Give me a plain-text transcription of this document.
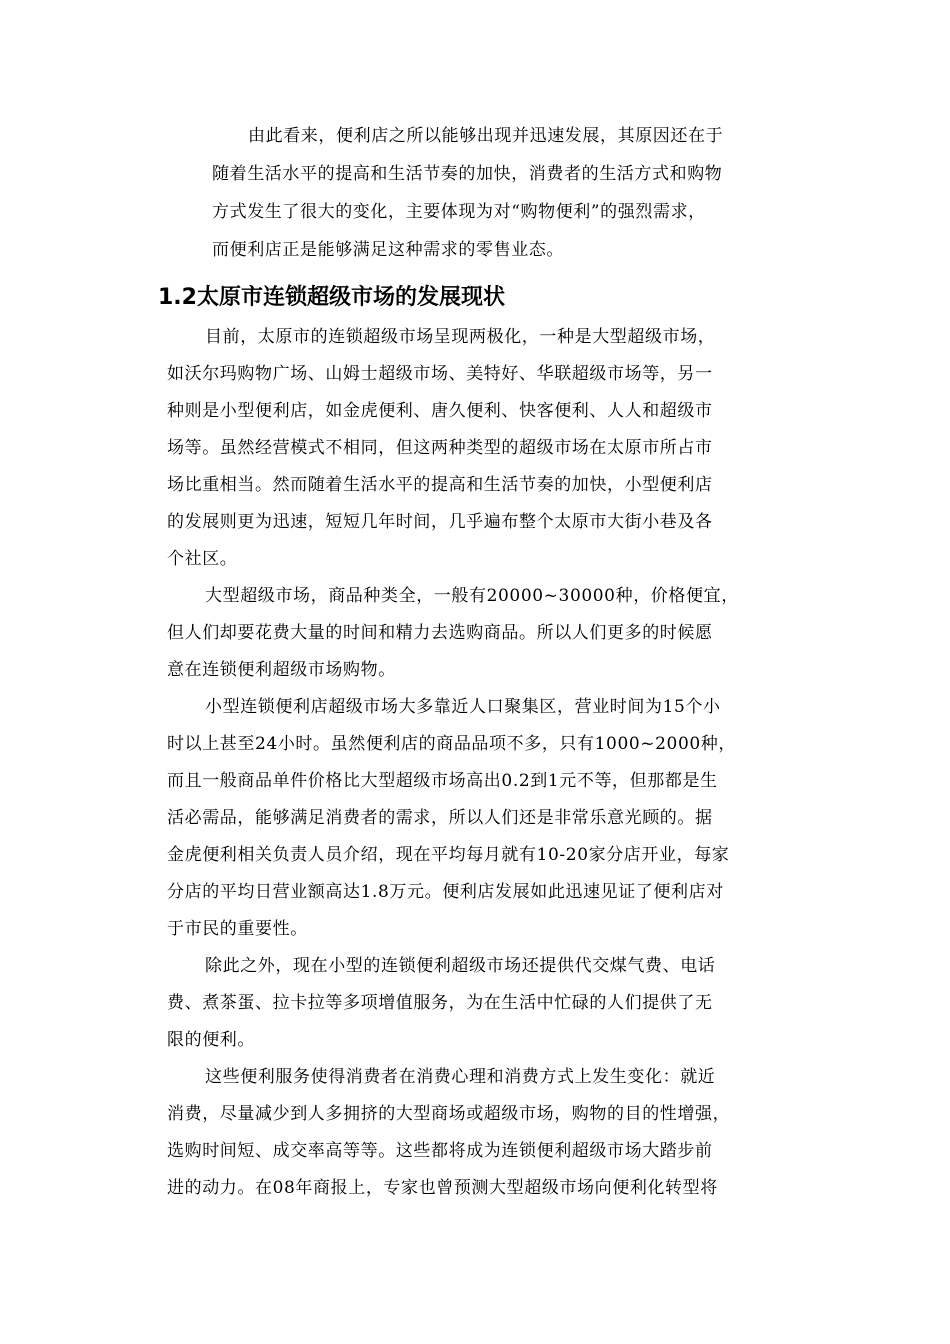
由此看来，便利店之所以能够出现并迅速发展，其原因还在于
随着生活水平的提高和生活节奏的加快，消费者的生活方式和购物
方式发生了很大的变化，主要体现为对“购物便利”的强烈需求，
而便利店正是能够满足这种需求的零售业态。
1.2太原市连锁超级市场的发展现状
目前，太原市的连锁超级市场呈现两极化，一种是大型超级市场，
如沃尔玛购物广场、山姆士超级市场、美特好、华联超级市场等，另一
种则是小型便利店，如金虎便利、唐久便利、快客便利、人人和超级市
场等。虽然经营模式不相同，但这两种类型的超级市场在太原市所占市
场比重相当。然而随着生活水平的提高和生活节奏的加快，小型便利店
的发展则更为迅速，短短几年时间，几乎遍布整个太原市大街小巷及各
个社区。
大型超级市场，商品种类全，一般有20000~30000种，价格便宜，
但人们却要花费大量的时间和精力去选购商品。所以人们更多的时候愿
意在连锁便利超级市场购物。
小型连锁便利店超级市场大多靠近人口聚集区，营业时间为15个小
时以上甚至24小时。虽然便利店的商品品项不多，只有1000~2000种，
而且一般商品单件价格比大型超级市场高出0.2到1元不等，但那都是生
活必需品，能够满足消费者的需求，所以人们还是非常乐意光顾的。据
金虎便利相关负责人员介绍，现在平均每月就有10-20家分店开业，每家
分店的平均日营业额高达1.8万元。便利店发展如此迅速见证了便利店对
于市民的重要性。
除此之外，现在小型的连锁便利超级市场还提供代交煤气费、电话
费、煮茶蛋、拉卡拉等多项增值服务，为在生活中忙碌的人们提供了无
限的便利。
这些便利服务使得消费者在消费心理和消费方式上发生变化：就近
消费，尽量减少到人多拥挤的大型商场或超级市场，购物的目的性增强，
选购时间短、成交率高等等。这些都将成为连锁便利超级市场大踏步前
进的动力。在08年商报上，专家也曾预测大型超级市场向便利化转型将
